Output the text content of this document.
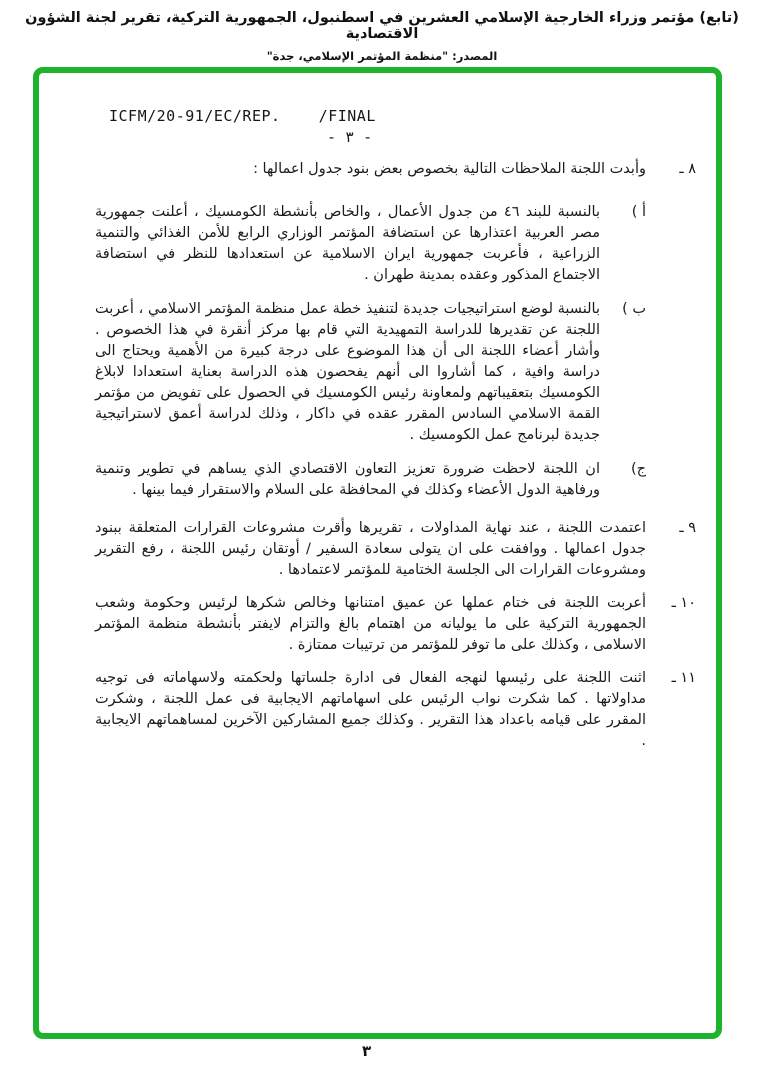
(تابع) مؤتمر وزراء الخارجية الإسلامي العشرين في اسطنبول، الجمهورية التركية، تقرير لجنة الشؤون الاقتصادية
المصدر: "منظمة المؤتمر الإسلامي، جدة"
ICFM/20-91/EC/REP.    /FINAL
- ٣ -
٨ ـ
وأبدت اللجنة الملاحظات التالية بخصوص بعض بنود جدول اعمالها :
أ )
بالنسبة للبند ٤٦ من جدول الأعمال ، والخاص بأنشطة الكومسيك ، أعلنت جمهورية مصر العربية اعتذارها عن استضافة المؤتمر الوزاري الرابع للأمن الغذائي والتنمية الزراعية ، فأعربت جمهورية ايران الاسلامية عن استعدادها للنظر في استضافة الاجتماع المذكور وعقده بمدينة طهران .
ب )
بالنسبة لوضع استراتيجيات جديدة لتنفيذ خطة عمل منظمة المؤتمر الاسلامي ، أعربت اللجنة عن تقديرها للدراسة التمهيدية التي قام بها مركز أنقرة في هذا الخصوص . وأشار أعضاء اللجنة الى أن هذا الموضوع على درجة كبيرة من الأهمية ويحتاج الى دراسة وافية ، كما أشاروا الى أنهم يفحصون هذه الدراسة بعناية استعدادا لابلاغ الكومسيك بتعقيباتهم ولمعاونة رئيس الكومسيك في الحصول على تفويض من مؤتمر القمة الاسلامي السادس المقرر عقده في داكار ، وذلك لدراسة أعمق لاستراتيجية جديدة لبرنامج عمل الكومسيك .
ج)
ان اللجنة لاحظت ضرورة تعزيز التعاون الاقتصادي الذي يساهم في تطوير وتنمية ورفاهية الدول الأعضاء وكذلك في المحافظة على السلام والاستقرار فيما بينها .
٩ ـ
اعتمدت اللجنة ، عند نهاية المداولات ، تقريرها وأقرت مشروعات القرارات المتعلقة ببنود جدول اعمالها . ووافقت على ان يتولى سعادة السفير / أوتقان رئيس اللجنة ، رفع التقرير ومشروعات القرارات الى الجلسة الختامية للمؤتمر لاعتمادها .
١٠ ـ
أعربت اللجنة فى ختام عملها عن عميق امتنانها وخالص شكرها لرئيس وحكومة وشعب الجمهورية التركية على ما يوليانه من اهتمام بالغ والتزام لايفتر بأنشطة منظمة المؤتمر الاسلامى ، وكذلك على ما توفر للمؤتمر من ترتيبات ممتازة .
١١ ـ
اثنت اللجنة على رئيسها لنهجه الفعال فى ادارة جلساتها ولحكمته ولاسهاماته فى توجيه مداولاتها . كما شكرت نواب الرئيس على اسهاماتهم الايجابية فى عمل اللجنة ، وشكرت المقرر على قيامه باعداد هذا التقرير . وكذلك جميع المشاركين الآخرين لمساهماتهم الايجابية .
٣
